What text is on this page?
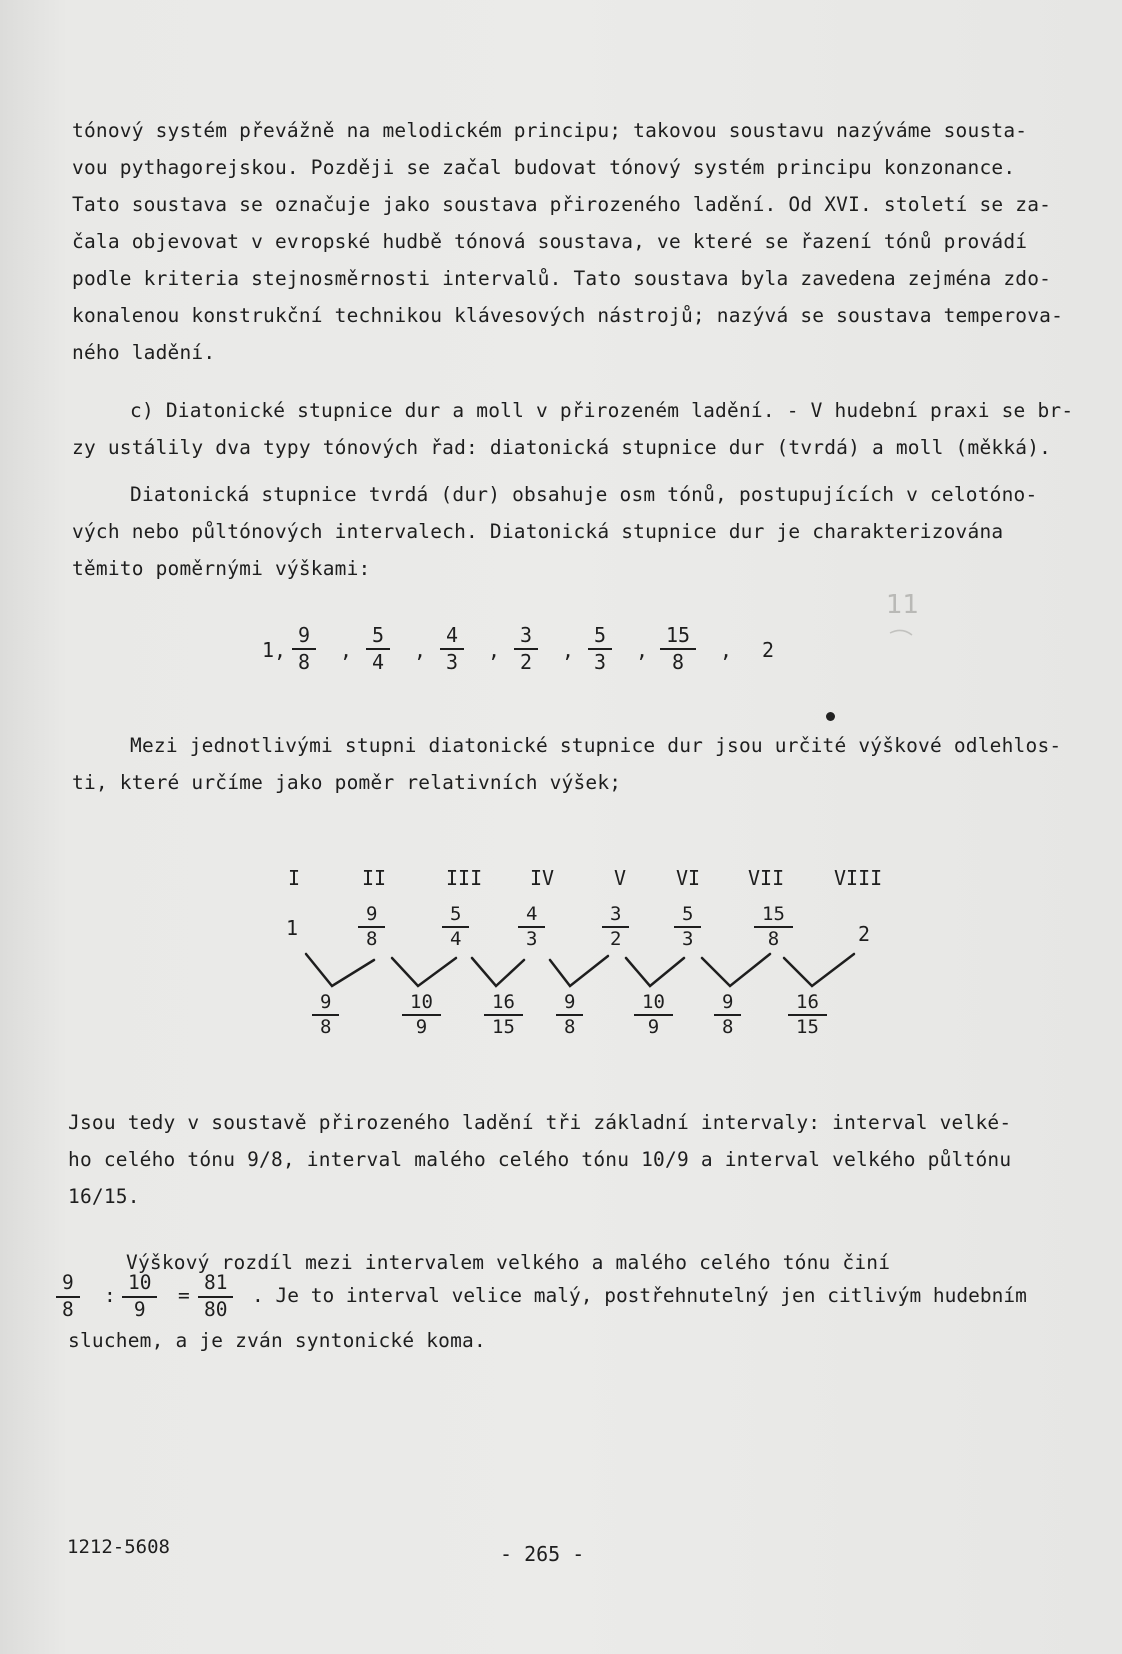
tónový systém převážně na melodickém principu; takovou soustavu nazýváme sousta-
vou pythagorejskou. Později se začal budovat tónový systém principu konzonance.
Tato soustava se označuje jako soustava přirozeného ladění. Od XVI. století se za-
čala objevovat v evropské hudbě tónová soustava, ve které se řazení tónů provádí
podle kriteria stejnosměrnosti intervalů. Tato soustava byla zavedena zejména zdo-
konalenou konstrukční technikou klávesových nástrojů; nazývá se soustava temperova-
ného ladění.
c) Diatonické stupnice dur a moll v přirozeném ladění. - V hudební praxi se br-
zy ustálily dva typy tónových řad: diatonická stupnice dur (tvrdá) a moll (měkká).
Diatonická stupnice tvrdá (dur) obsahuje osm tónů, postupujících v celotóno-
vých nebo půltónových intervalech. Diatonická stupnice dur je charakterizována
těmito poměrnými výškami:
1, $\frac{9}{8}$ , $\frac{5}{4}$ , $\frac{4}{3}$ , $\frac{3}{2}$ , $\frac{5}{3}$ , $\frac{15}{8}$ , 2
11
Mezi jednotlivými stupni diatonické stupnice dur jsou určité výškové odlehlos-
ti, které určíme jako poměr relativních výšek;
I	II	III IV	V VI VII VIII
1	$\frac{9}{8}$	$\frac{5}{4}$	$\frac{4}{3}$	$\frac{3}{2} \frac{5}{3}$	$\frac{15}{8}$	2
$\frac{9}{8}$	$\frac{10}{9} \frac{16}{15} \frac{9}{8}$	$\frac{10}{9} \frac{9}{8} \frac{16}{15}$
Jsou tedy v soustavě přirozeného ladění tři základní intervaly: interval velké-
ho celého tónu 9/8, interval malého celého tónu 10/9 a interval velkého půltónu
16/15.
Výškový rozdíl mezi intervalem velkého a malého celého tónu činí
$\frac{9}{8}$ : $\frac{10}{9} = \frac{81}{80}$ . Je to interval velice malý, postřehnutelný jen citlivým hudebním
sluchem, a je zván syntonické koma.
1212-5608	- 265 -
